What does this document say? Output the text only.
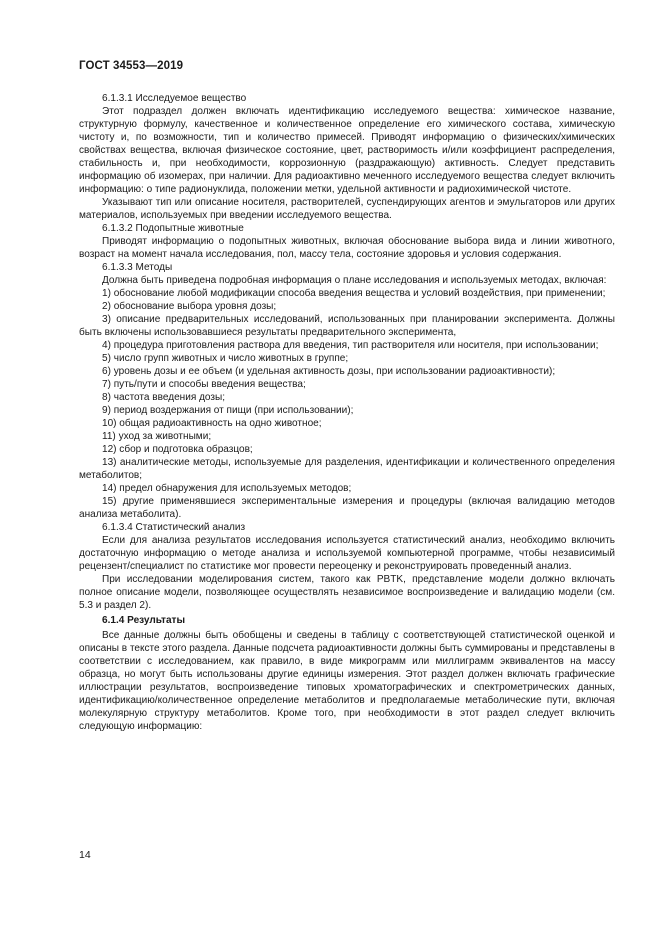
ГОСТ 34553—2019

6.1.3.1 Исследуемое вещество

Этот подраздел должен включать идентификацию исследуемого вещества: химическое название, структурную формулу, качественное и количественное определение его химического состава, химическую чистоту и, по возможности, тип и количество примесей. Приводят информацию о физических/химических свойствах вещества, включая физическое состояние, цвет, растворимость и/или коэффициент распределения, стабильность и, при необходимости, коррозионную (раздражающую) активность. Следует представить информацию об изомерах, при наличии. Для радиоактивно меченного исследуемого вещества следует включить информацию: о типе радионуклида, положении метки, удельной активности и радиохимической чистоте.

Указывают тип или описание носителя, растворителей, суспендирующих агентов и эмульгаторов или других материалов, используемых при введении исследуемого вещества.

6.1.3.2 Подопытные животные

Приводят информацию о подопытных животных, включая обоснование выбора вида и линии животного, возраст на момент начала исследования, пол, массу тела, состояние здоровья и условия содержания.

6.1.3.3 Методы

Должна быть приведена подробная информация о плане исследования и используемых методах, включая:

1) обоснование любой модификации способа введения вещества и условий воздействия, при применении;

2) обоснование выбора уровня дозы;

3) описание предварительных исследований, использованных при планировании эксперимента. Должны быть включены использовавшиеся результаты предварительного эксперимента,

4) процедура приготовления раствора для введения, тип растворителя или носителя, при использовании;

5) число групп животных и число животных в группе;

6) уровень дозы и ее объем (и удельная активность дозы, при использовании радиоактивности);

7) путь/пути и способы введения вещества;

8) частота введения дозы;

9) период воздержания от пищи (при использовании);

10) общая радиоактивность на одно животное;

11) уход за животными;

12) сбор и подготовка образцов;

13) аналитические методы, используемые для разделения, идентификации и количественного определения метаболитов;

14) предел обнаружения для используемых методов;

15) другие применявшиеся экспериментальные измерения и процедуры (включая валидацию методов анализа метаболита).

6.1.3.4 Статистический анализ

Если для анализа результатов исследования используется статистический анализ, необходимо включить достаточную информацию о методе анализа и используемой компьютерной программе, чтобы независимый рецензент/специалист по статистике мог провести переоценку и реконструировать проведенный анализ.

При исследовании моделирования систем, такого как PBTK, представление модели должно включать полное описание модели, позволяющее осуществлять независимое воспроизведение и валидацию модели (см. 5.3 и раздел 2).

6.1.4 Результаты

Все данные должны быть обобщены и сведены в таблицу с соответствующей статистической оценкой и описаны в тексте этого раздела. Данные подсчета радиоактивности должны быть суммированы и представлены в соответствии с исследованием, как правило, в виде микрограмм или миллиграмм эквивалентов на массу образца, но могут быть использованы другие единицы измерения. Этот раздел должен включать графические иллюстрации результатов, воспроизведение типовых хроматографических и спектрометрических данных, идентификацию/количественное определение метаболитов и предполагаемые метаболические пути, включая молекулярную структуру метаболитов. Кроме того, при необходимости в этот раздел следует включить следующую информацию:

14
